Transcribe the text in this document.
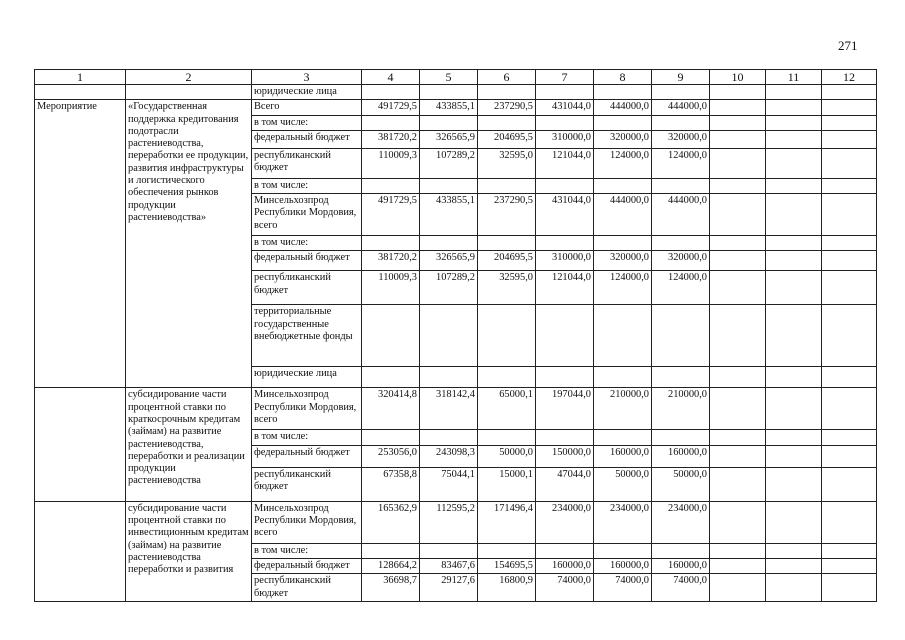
271
1	2	3	4	5	6	7	8	9	10	11	12
		юридические лица									
Мероприятие	«Государственная поддержка кредитования подотрасли растениеводства, переработки ее продукции, развития инфраструктуры и логистического обеспечения рынков продукции растениеводства»	Всего	491729,5	433855,1	237290,5	431044,0	444000,0	444000,0			
		в том числе:									
		федеральный бюджет	381720,2	326565,9	204695,5	310000,0	320000,0	320000,0			
		республиканский бюджет	110009,3	107289,2	32595,0	121044,0	124000,0	124000,0			
		в том числе:									
		Минсельхозпрод Республики Мордовия, всего	491729,5	433855,1	237290,5	431044,0	444000,0	444000,0			
		в том числе:									
		федеральный бюджет	381720,2	326565,9	204695,5	310000,0	320000,0	320000,0			
		республиканский бюджет	110009,3	107289,2	32595,0	121044,0	124000,0	124000,0			
		территориальные государственные внебюджетные фонды									
		юридические лица									
	субсидирование части процентной ставки по краткосрочным кредитам (займам) на развитие растениеводства, переработки и реализации продукции растениеводства	Минсельхозпрод Республики Мордовия, всего	320414,8	318142,4	65000,1	197044,0	210000,0	210000,0			
		в том числе:									
		федеральный бюджет	253056,0	243098,3	50000,0	150000,0	160000,0	160000,0			
		республиканский бюджет	67358,8	75044,1	15000,1	47044,0	50000,0	50000,0			
	субсидирование части процентной ставки по инвестиционным кредитам (займам) на развитие растениеводства переработки и развития	Минсельхозпрод Республики Мордовия, всего	165362,9	112595,2	171496,4	234000,0	234000,0	234000,0			
		в том числе:									
		федеральный бюджет	128664,2	83467,6	154695,5	160000,0	160000,0	160000,0			
		республиканский бюджет	36698,7	29127,6	16800,9	74000,0	74000,0	74000,0			
